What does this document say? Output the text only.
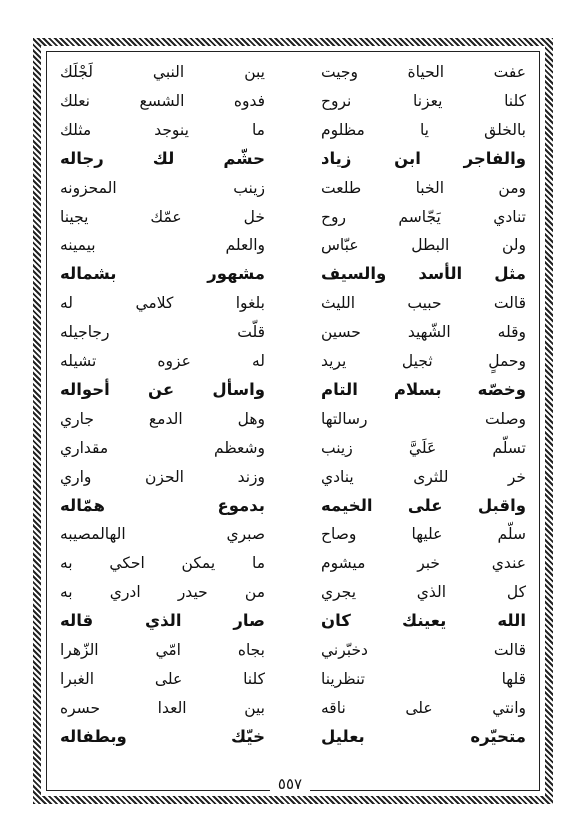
عفت الحياة وجيت
يبن النبي لَجْلَك
كلنا يعزنا نروح
فدوه الشسع نعلك
بالخلق يا مظلوم
ما ينوجد مثلك
والفاجر ابن زياد
حشّم لك رجاله
ومن الخبا طلعت
زينب المحزونه
تنادي يَجّاسم روح
خل عمّك يجينا
ولن البطل عبّاس
والعلم بيمينه
مثل الأسد والسيف
مشهور بشماله
قالت حبيب الليث
بلغوا كلامي له
وقله الشّهيد حسين
قلّت رجاجيله
وحملٍ ثجيل يريد
له عزوه تشيله
وخصّه بسلام التام
واسأل عن أحواله
وصلت رسالتها
وهل الدمع جاري
تسلّم عَلَيَّ زينب
وشعظم مقداري
خر للثرى ينادي
وزند الحزن واري
واقبل على الخيمه
بدموع همّاله
سلّم عليها وصاح
صبري الهالمصيبه
عندي خبر ميشوم
ما يمكن احكي به
كل الذي يجري
من حيدر ادري به
الله يعينك كان
صار الذي قاله
قالت دخبّرني
بجاه امّي الزّهرا
قلها تنظرينا
كلنا على الغبرا
وانتي على ناقه
بين العدا حسره
متحيّره بعليل
خيّك وبطفاله
٥٥٧
